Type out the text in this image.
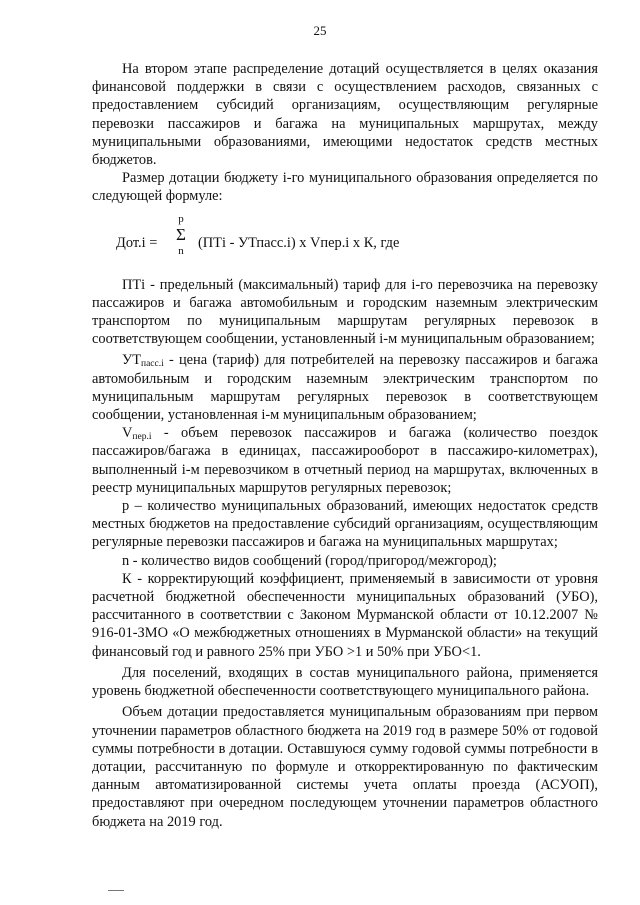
25

На втором этапе распределение дотаций осуществляется в целях оказания финансовой поддержки в связи с осуществлением расходов, связанных с предоставлением субсидий организациям, осуществляющим регулярные перевозки пассажиров и багажа на муниципальных маршрутах, между муниципальными образованиями, имеющими недостаток средств местных бюджетов.

Размер дотации бюджету i-го муниципального образования определяется по следующей формуле:

Дот.i =
p
Σ
n (ПТi - УТпасс.i) х Vпер.i х К, где

ПТi - предельный (максимальный) тариф для i-го перевозчика на перевозку пассажиров и багажа автомобильным и городским наземным электрическим транспортом по муниципальным маршрутам регулярных перевозок в соответствующем сообщении, установленный i-м муниципальным образованием;

$УТ_{пасс.i}$ - цена (тариф) для потребителей на перевозку пассажиров и багажа автомобильным и городским наземным электрическим транспортом по муниципальным маршрутам регулярных перевозок в соответствующем сообщении, установленная i-м муниципальным образованием;

$V_{пер.i}$ - объем перевозок пассажиров и багажа (количество поездок пассажиров/багажа в единицах, пассажирооборот в пассажиро-километрах), выполненный i-м перевозчиком в отчетный период на маршрутах, включенных в реестр муниципальных маршрутов регулярных перевозок;

р – количество муниципальных образований, имеющих недостаток средств местных бюджетов на предоставление субсидий организациям, осуществляющим регулярные перевозки пассажиров и багажа на муниципальных маршрутах;

n - количество видов сообщений (город/пригород/межгород);

К - корректирующий коэффициент, применяемый в зависимости от уровня расчетной бюджетной обеспеченности муниципальных образований (УБО), рассчитанного в соответствии с Законом Мурманской области от 10.12.2007 № 916-01-ЗМО «О межбюджетных отношениях в Мурманской области» на текущий финансовый год и равного 25% при УБО >1 и 50% при УБО<1.

Для поселений, входящих в состав муниципального района, применяется уровень бюджетной обеспеченности соответствующего муниципального района.

Объем дотации предоставляется муниципальным образованиям при первом уточнении параметров областного бюджета на 2019 год в размере 50% от годовой суммы потребности в дотации. Оставшуюся сумму годовой суммы потребности в дотации, рассчитанную по формуле и откорректированную по фактическим данным автоматизированной системы учета оплаты проезда (АСУОП), предоставляют при очередном последующем уточнении параметров областного бюджета на 2019 год.
